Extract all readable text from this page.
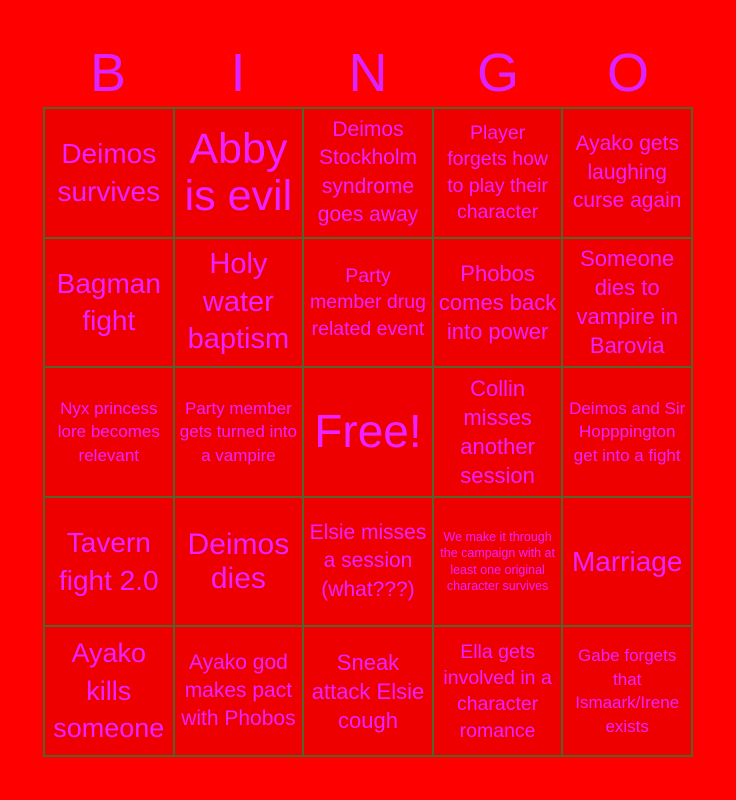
B	I	N	G	O
Deimos survives
Abby is evil
Deimos Stockholm syndrome goes away
Player forgets how to play their character
Ayako gets laughing curse again
Bagman fight
Holy water baptism
Party member drug related event
Phobos comes back into power
Someone dies to vampire in Barovia
Nyx princess lore becomes relevant
Party member gets turned into a vampire Free!
Collin misses another session
Deimos and Sir Hopppington get into a fight
Tavern fight 2.0
Deimos dies
Elsie misses a session (what???)
We make it through the campaign with at least one original character survives
Marriage
Ayako kills someone
Ayako god makes pact with Phobos
Sneak attack Elsie cough
Ella gets involved in a character romance
Gabe forgets that Ismaark/Irene exists
